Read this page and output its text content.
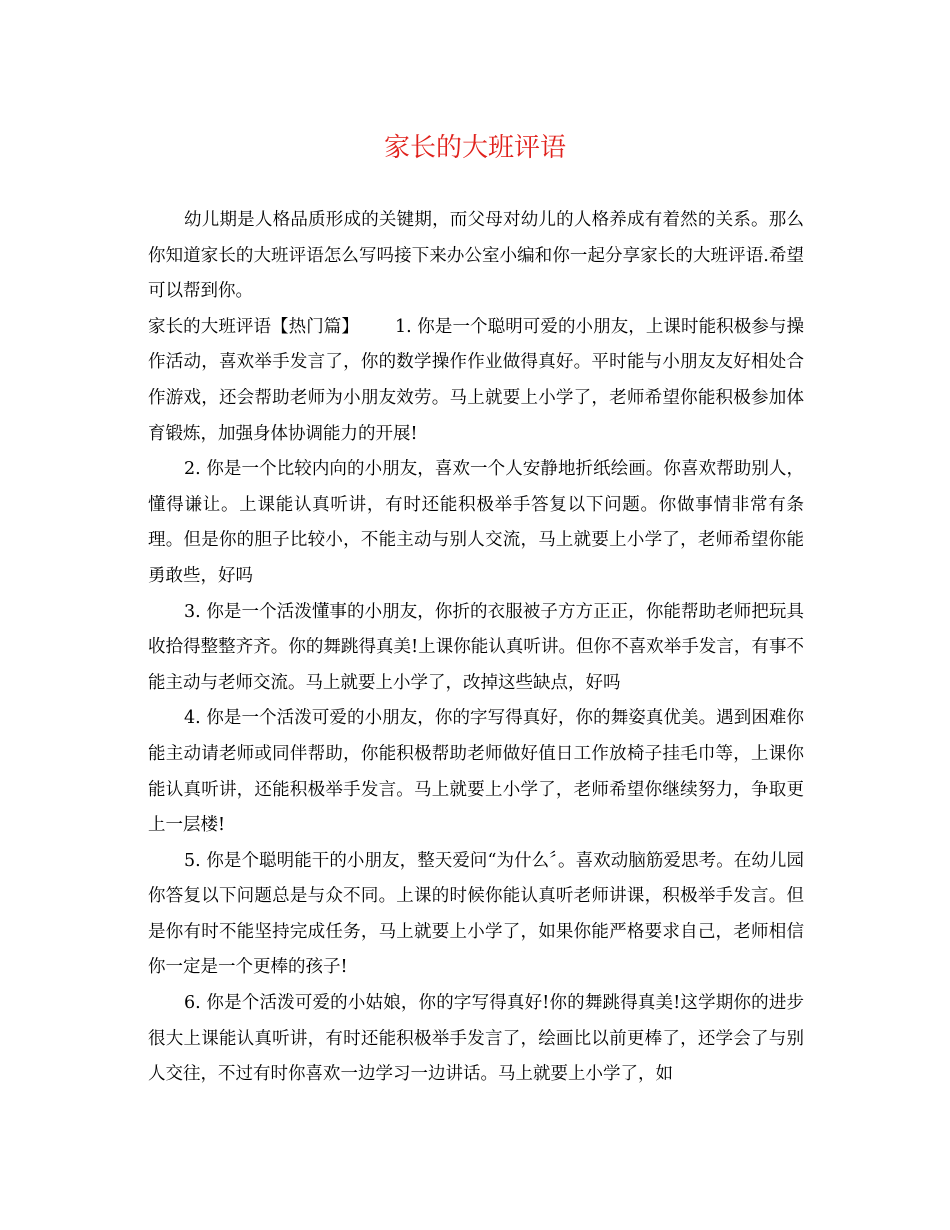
家长的大班评语

幼儿期是人格品质形成的关键期，而父母对幼儿的人格养成有着然的关系。那么你知道家长的大班评语怎么写吗接下来办公室小编和你一起分享家长的大班评语.希望可以帮到你。

家长的大班评语【热门篇】 1. 你是一个聪明可爱的小朋友，上课时能积极参与操作活动，喜欢举手发言了，你的数学操作作业做得真好。平时能与小朋友友好相处合作游戏，还会帮助老师为小朋友效劳。马上就要上小学了，老师希望你能积极参加体育锻炼，加强身体协调能力的开展!

2. 你是一个比较内向的小朋友，喜欢一个人安静地折纸绘画。你喜欢帮助别人，懂得谦让。上课能认真听讲，有时还能积极举手答复以下问题。你做事情非常有条理。但是你的胆子比较小，不能主动与别人交流，马上就要上小学了，老师希望你能勇敢些，好吗

3. 你是一个活泼懂事的小朋友，你折的衣服被子方方正正，你能帮助老师把玩具收拾得整整齐齐。你的舞跳得真美!上课你能认真听讲。但你不喜欢举手发言，有事不能主动与老师交流。马上就要上小学了，改掉这些缺点，好吗

4. 你是一个活泼可爱的小朋友，你的字写得真好，你的舞姿真优美。遇到困难你能主动请老师或同伴帮助，你能积极帮助老师做好值日工作放椅子挂毛巾等，上课你能认真听讲，还能积极举手发言。马上就要上小学了，老师希望你继续努力，争取更上一层楼!

5. 你是个聪明能干的小朋友，整天爱问“为什么〞。喜欢动脑筋爱思考。在幼儿园你答复以下问题总是与众不同。上课的时候你能认真听老师讲课，积极举手发言。但是你有时不能坚持完成任务，马上就要上小学了，如果你能严格要求自己，老师相信你一定是一个更棒的孩子!

6. 你是个活泼可爱的小姑娘，你的字写得真好!你的舞跳得真美!这学期你的进步很大上课能认真听讲，有时还能积极举手发言了，绘画比以前更棒了，还学会了与别人交往，不过有时你喜欢一边学习一边讲话。马上就要上小学了，如
